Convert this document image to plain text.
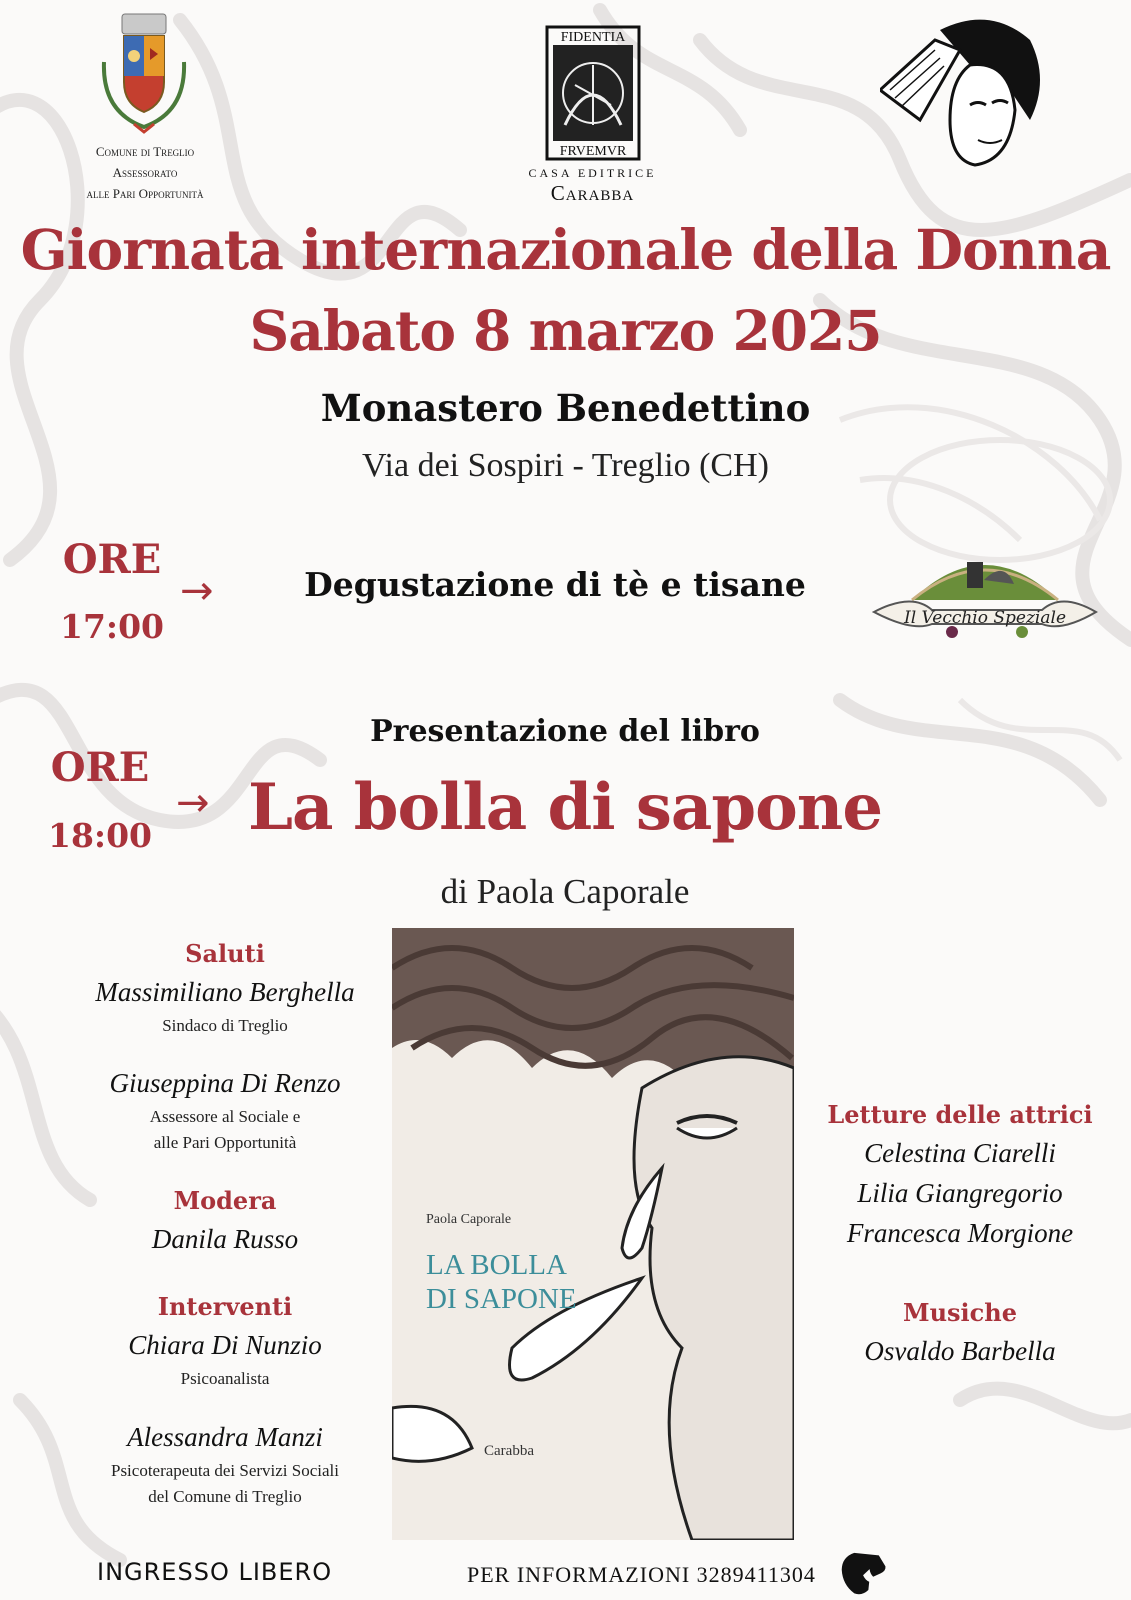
Comune di Treglio
Assessorato
alle Pari Opportunità
FIDENTIA
FRVEMVR
CASA EDITRICE
Carabba
Giornata internazionale della Donna
Sabato 8 marzo 2025
Monastero Benedettino
Via dei Sospiri - Treglio (CH)
ORE
17:00
→	Degustazione di tè e tisane
Il Vecchio Speziale
ORE
18:00
→
Presentazione del libro
La bolla di sapone
di Paola Caporale
Saluti
Massimiliano Berghella
Sindaco di Treglio
Giuseppina Di Renzo
Assessore al Sociale e
alle Pari Opportunità
Modera
Danila Russo
Interventi
Chiara Di Nunzio
Psicoanalista
Alessandra Manzi
Psicoterapeuta dei Servizi Sociali
del Comune di Treglio
Paola Caporale
LA BOLLA
DI SAPONE
Carabba
Letture delle attrici
Celestina Ciarelli
Lilia Giangregorio
Francesca Morgione
Musiche
Osvaldo Barbella
INGRESSO LIBERO	PER INFORMAZIONI 3289411304
